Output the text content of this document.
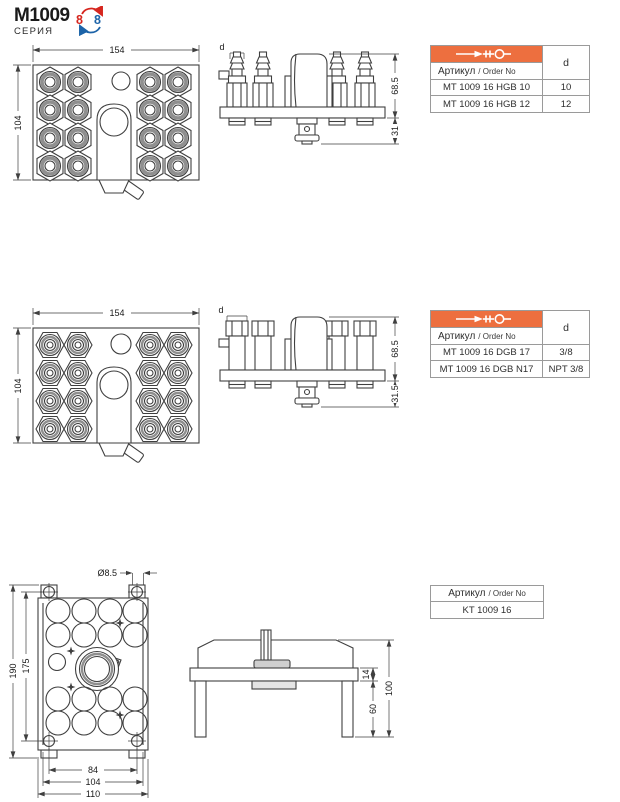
M1009
СЕРИЯ
8 8
154
104
d
68.5
31
d
Артикул / Order No
MT 1009 16 HGB 10	10
MT 1009 16 HGB 12	12
154
104
d
68.5
31.5
d
Артикул / Order No
MT 1009 16 DGB 17	3/8
MT 1009 16 DGB N17	NPT 3/8
Ø8.5
190 175
84
104
110
14
60
100
Артикул / Order No
KT 1009 16
